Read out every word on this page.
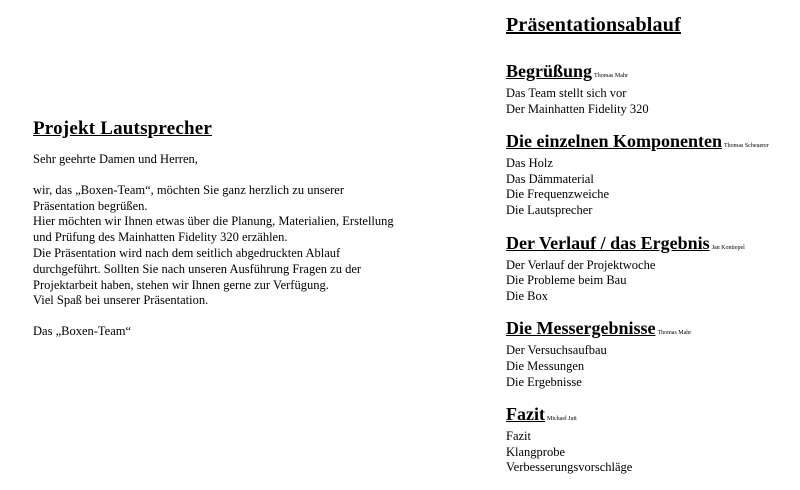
Projekt Lautsprecher

Sehr geehrte Damen und Herren,

wir, das „Boxen-Team“, möchten Sie ganz herzlich zu unserer

Präsentation begrüßen.

Hier möchten wir Ihnen etwas über die Planung, Materialien, Erstellung

und Prüfung des Mainhatten Fidelity 320 erzählen.

Die Präsentation wird nach dem seitlich abgedruckten Ablauf

durchgeführt. Sollten Sie nach unseren Ausführung Fragen zu der

Projektarbeit haben, stehen wir Ihnen gerne zur Verfügung.

Viel Spaß bei unserer Präsentation.

Das „Boxen-Team“

Präsentationsablauf
Begrüßung Thomas Mahr
Das Team stellt sich vor
Der Mainhatten Fidelity 320
Die einzelnen Komponenten Thomas Scheuerer
Das Holz
Das Dämmaterial
Die Frequenzweiche
Die Lautsprecher
Der Verlauf / das Ergebnis Jan Kontiepel
Der Verlauf der Projektwoche
Die Probleme beim Bau
Die Box
Die Messergebnisse Thomas Mahr
Der Versuchsaufbau
Die Messungen
Die Ergebnisse
Fazit Michael Jutt
Fazit
Klangprobe
Verbesserungsvorschläge
